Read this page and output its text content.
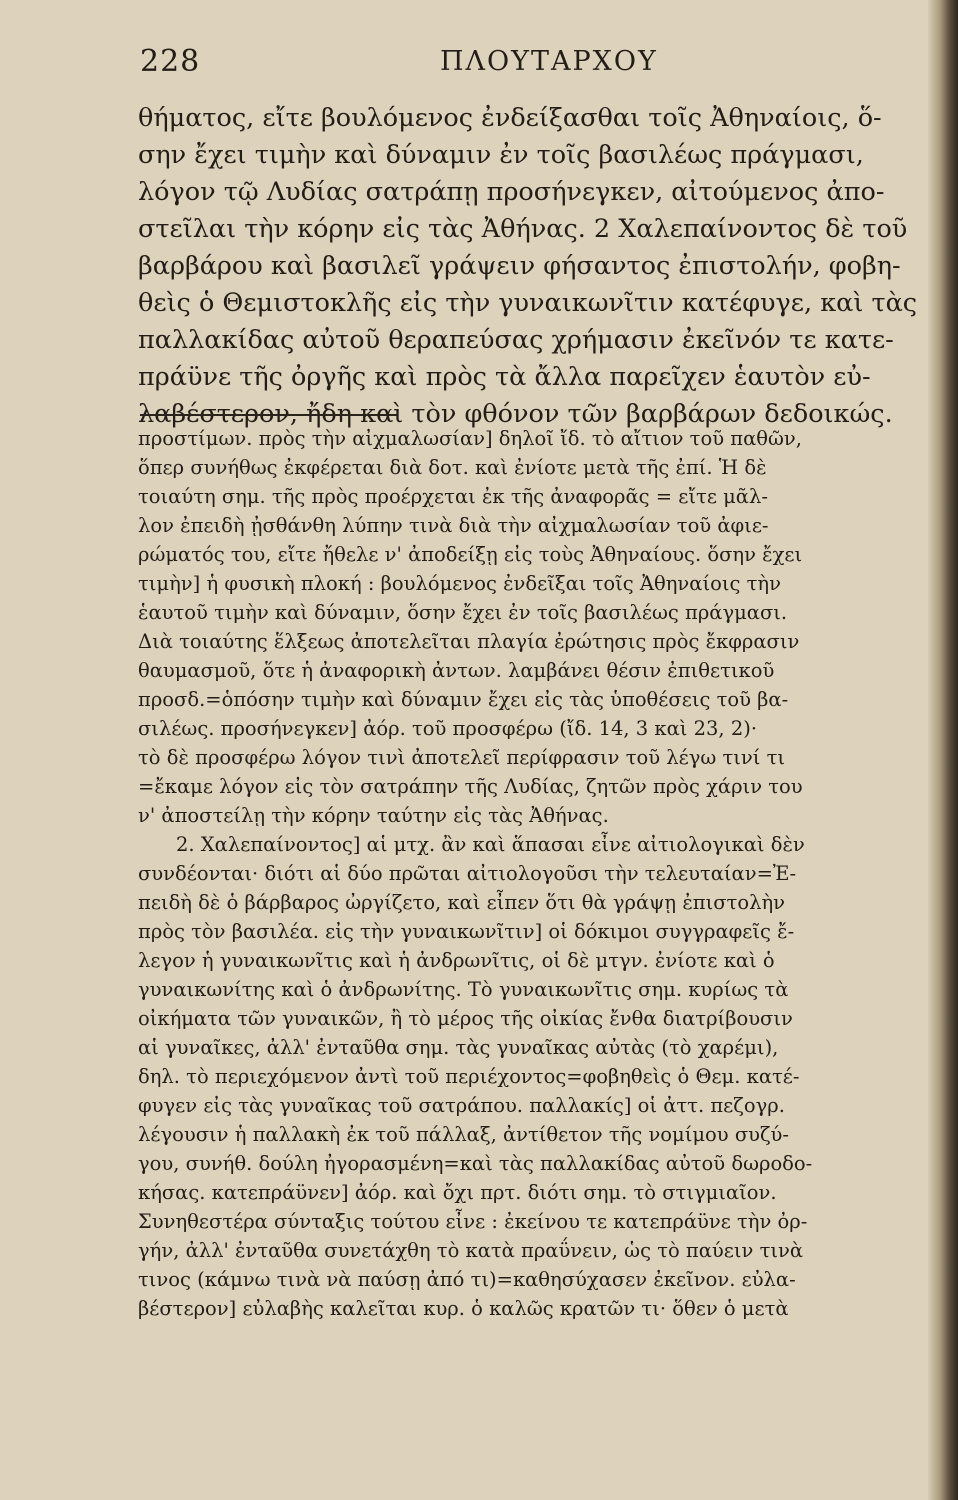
228	ΠΛΟΥΤΑΡΧΟΥ
θήματος, εἴτε βουλόμενος ἐνδείξασθαι τοῖς Ἀθηναίοις, ὅ-
σην ἔχει τιμὴν καὶ δύναμιν ἐν τοῖς βασιλέως πράγμασι,
λόγον τῷ Λυδίας σατράπῃ προσήνεγκεν, αἰτούμενος ἀπο-
στεῖλαι τὴν κόρην εἰς τὰς Ἀθήνας. 2 Χαλεπαίνοντος δὲ τοῦ
βαρβάρου καὶ βασιλεῖ γράψειν φήσαντος ἐπιστολήν, φοβη-
θεὶς ὁ Θεμιστοκλῆς εἰς τὴν γυναικωνῖτιν κατέφυγε, καὶ τὰς
παλλακίδας αὐτοῦ θεραπεύσας χρήμασιν ἐκεῖνόν τε κατε-
πράϋνε τῆς ὀργῆς καὶ πρὸς τὰ ἄλλα παρεῖχεν ἑαυτὸν εὐ-
λαβέστερον, ἤδη καὶ τὸν φθόνον τῶν βαρβάρων δεδοικώς.
προστίμων. πρὸς τὴν αἰχμαλωσίαν] δηλοῖ ἴδ. τὸ αἴτιον τοῦ παθῶν,
ὅπερ συνήθως ἐκφέρεται διὰ δοτ. καὶ ἐνίοτε μετὰ τῆς ἐπί. Ἡ δὲ
τοιαύτη σημ. τῆς πρὸς προέρχεται ἐκ τῆς ἀναφορᾶς = εἴτε μᾶλ-
λον ἐπειδὴ ᾐσθάνθη λύπην τινὰ διὰ τὴν αἰχμαλωσίαν τοῦ ἀφιε-
ρώματός του, εἴτε ἤθελε ν' ἀποδείξῃ εἰς τοὺς Ἀθηναίους. ὅσην ἔχει
τιμὴν] ἡ φυσικὴ πλοκή : βουλόμενος ἐνδεῖξαι τοῖς Ἀθηναίοις τὴν
ἑαυτοῦ τιμὴν καὶ δύναμιν, ὅσην ἔχει ἐν τοῖς βασιλέως πράγμασι.
Διὰ τοιαύτης ἕλξεως ἀποτελεῖται πλαγία ἐρώτησις πρὸς ἔκφρασιν
θαυμασμοῦ, ὅτε ἡ ἀναφορικὴ ἀντων. λαμβάνει θέσιν ἐπιθετικοῦ
προσδ.=ὁπόσην τιμὴν καὶ δύναμιν ἔχει εἰς τὰς ὑποθέσεις τοῦ βα-
σιλέως. προσήνεγκεν] ἀόρ. τοῦ προσφέρω (ἴδ. 14, 3 καὶ 23, 2)·
τὸ δὲ προσφέρω λόγον τινὶ ἀποτελεῖ περίφρασιν τοῦ λέγω τινί τι
=ἔκαμε λόγον εἰς τὸν σατράπην τῆς Λυδίας, ζητῶν πρὸς χάριν του
ν' ἀποστείλῃ τὴν κόρην ταύτην εἰς τὰς Ἀθήνας.
2. Χαλεπαίνοντος] αἱ μτχ. ἂν καὶ ἅπασαι εἶνε αἰτιολογικαὶ δὲν
συνδέονται· διότι αἱ δύο πρῶται αἰτιολογοῦσι τὴν τελευταίαν=Ἐ-
πειδὴ δὲ ὁ βάρβαρος ὠργίζετο, καὶ εἶπεν ὅτι θὰ γράψῃ ἐπιστολὴν
πρὸς τὸν βασιλέα. εἰς τὴν γυναικωνῖτιν] οἱ δόκιμοι συγγραφεῖς ἔ-
λεγον ἡ γυναικωνῖτις καὶ ἡ ἀνδρωνῖτις, οἱ δὲ μτγν. ἐνίοτε καὶ ὁ
γυναικωνίτης καὶ ὁ ἀνδρωνίτης. Τὸ γυναικωνῖτις σημ. κυρίως τὰ
οἰκήματα τῶν γυναικῶν, ἢ τὸ μέρος τῆς οἰκίας ἔνθα διατρίβουσιν
αἱ γυναῖκες, ἀλλ' ἐνταῦθα σημ. τὰς γυναῖκας αὐτὰς (τὸ χαρέμι),
δηλ. τὸ περιεχόμενον ἀντὶ τοῦ περιέχοντος=φοβηθεὶς ὁ Θεμ. κατέ-
φυγεν εἰς τὰς γυναῖκας τοῦ σατράπου. παλλακίς] οἱ ἀττ. πεζογρ.
λέγουσιν ἡ παλλακὴ ἐκ τοῦ πάλλαξ, ἀντίθετον τῆς νομίμου συζύ-
γου, συνήθ. δούλη ἠγορασμένη=καὶ τὰς παλλακίδας αὐτοῦ δωροδο-
κήσας. κατεπράϋνεν] ἀόρ. καὶ ὄχι πρτ. διότι σημ. τὸ στιγμιαῖον.
Συνηθεστέρα σύνταξις τούτου εἶνε : ἐκείνου τε κατεπράϋνε τὴν ὀρ-
γήν, ἀλλ' ἐνταῦθα συνετάχθη τὸ κατὰ πραΰνειν, ὡς τὸ παύειν τινὰ
τινος (κάμνω τινὰ νὰ παύσῃ ἀπό τι)=καθησύχασεν ἐκεῖνον. εὐλα-
βέστερον] εὐλαβὴς καλεῖται κυρ. ὁ καλῶς κρατῶν τι· ὅθεν ὁ μετὰ
